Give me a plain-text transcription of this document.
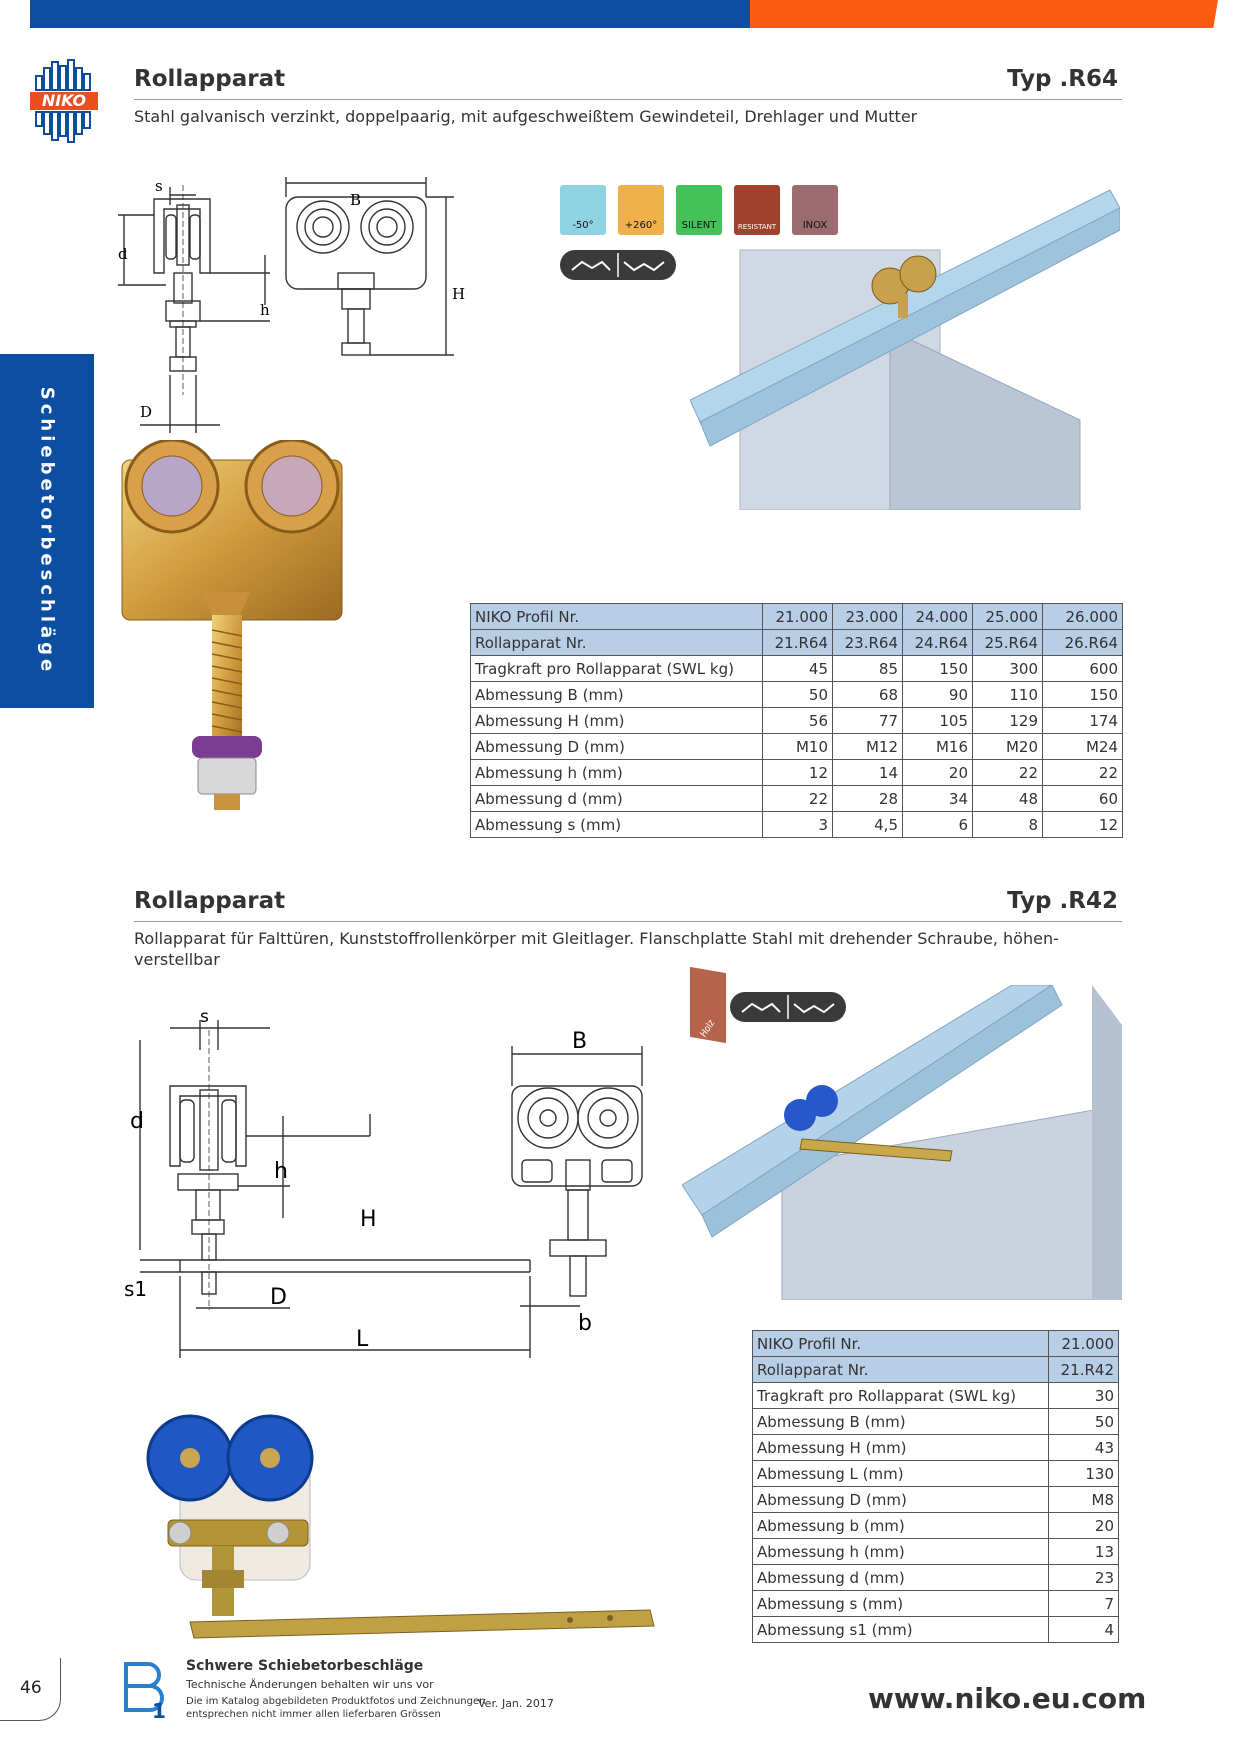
NIKO
Schiebetorbeschläge
Rollapparat	Typ .R64
Stahl galvanisch verzinkt, doppelpaarig, mit aufgeschweißtem Gewindeteil, Drehlager und Mutter
s
d
h
D
B
H
-50°	+260°	SILENT	RESISTANT	INOX
NIKO Profil Nr.	21.000	23.000	24.000	25.000	26.000
Rollapparat Nr.	21.R64	23.R64	24.R64	25.R64	26.R64
Tragkraft pro Rollapparat (SWL kg)	45	85	150	300	600
Abmessung B (mm)	50	68	90	110	150
Abmessung H (mm)	56	77	105	129	174
Abmessung D (mm)	M10	M12	M16	M20	M24
Abmessung h (mm)	12	14	20	22	22
Abmessung d (mm)	22	28	34	48	60
Abmessung s (mm)	3	4,5	6	8	12
Rollapparat	Typ .R42
Rollapparat für Falttüren, Kunststoffrollenkörper mit Gleitlager. Flanschplatte Stahl mit drehender Schraube, höhen-
verstellbar
s
d
h
H
s1	D
L
B
b
Holz
NIKO Profil Nr.	21.000
Rollapparat Nr.	21.R42
Tragkraft pro Rollapparat (SWL kg)	30
Abmessung B (mm)	50
Abmessung H (mm)	43
Abmessung L (mm)	130
Abmessung D (mm)	M8
Abmessung b (mm)	20
Abmessung h (mm)	13
Abmessung d (mm)	23
Abmessung s (mm)	7
Abmessung s1 (mm)	4
46
1
Schwere Schiebetorbeschläge
Technische Änderungen behalten wir uns vor
Die im Katalog abgebildeten Produktfotos und Zeichnungen
entsprechen nicht immer allen lieferbaren Grössen
Ver. Jan. 2017	www.niko.eu.com
